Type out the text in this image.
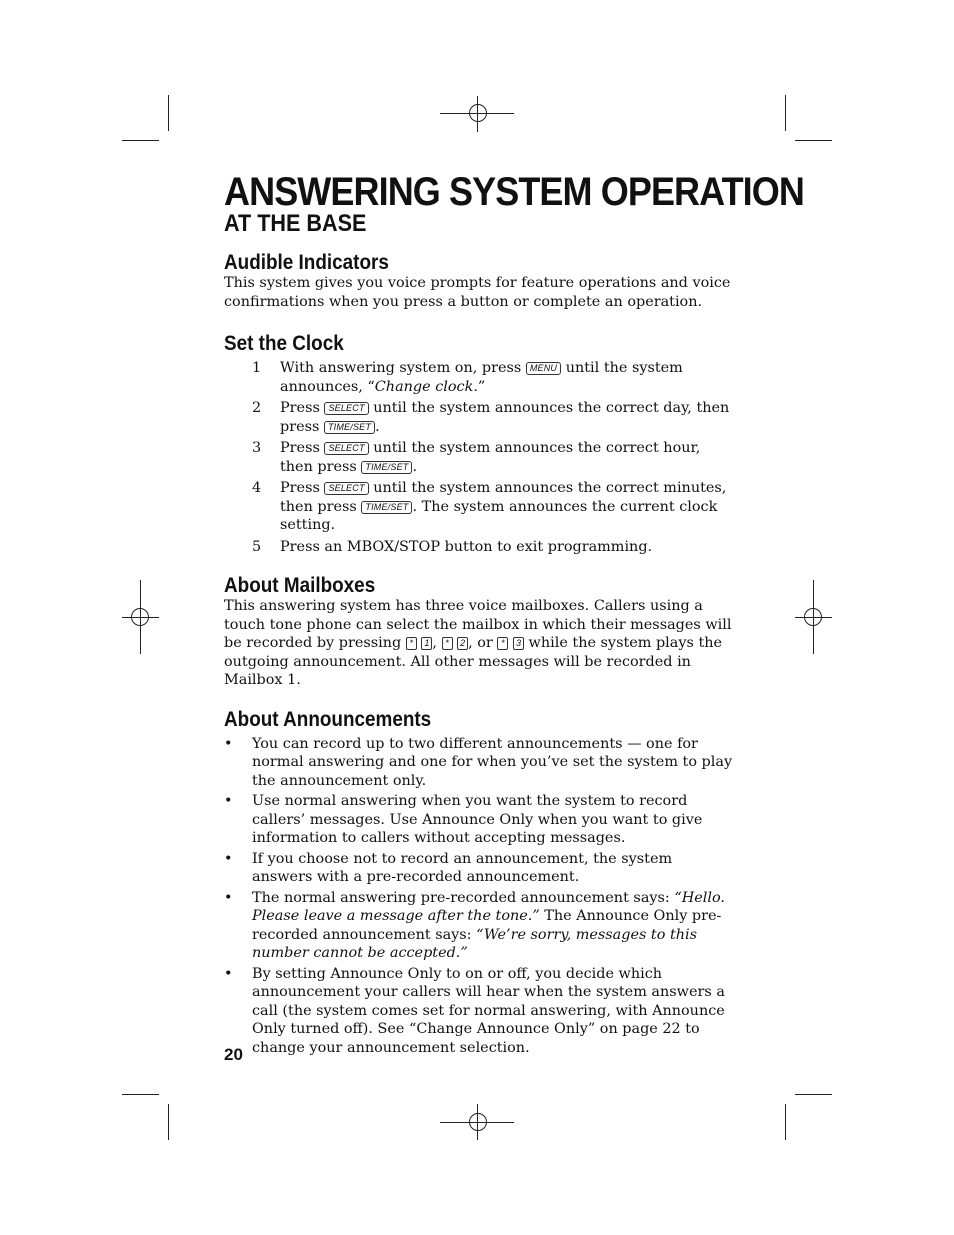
ANSWERING SYSTEM OPERATION
AT THE BASE
Audible Indicators

This system gives you voice prompts for feature operations and voice confirmations when you press a button or complete an operation.

Set the Clock
1 With answering system on, press MENU until the system announces, “Change clock.”
2 Press SELECT until the system announces the correct day, then press TIME/SET .
3 Press SELECT until the system announces the correct hour, then press TIME/SET .
4 Press SELECT until the system announces the correct minutes, then press TIME/SET . The system announces the current clock setting.
5 Press an MBOX/STOP button to exit programming.
About Mailboxes

This answering system has three voice mailboxes. Callers using a touch tone phone can select the mailbox in which their messages will be recorded by pressing * 1 , * 2 , or * 3 while the system plays the outgoing announcement. All other messages will be recorded in Mailbox 1.

About Announcements
• You can record up to two different announcements — one for normal answering and one for when you’ve set the system to play the announcement only.
• Use normal answering when you want the system to record callers’ messages. Use Announce Only when you want to give information to callers without accepting messages.
• If you choose not to record an announcement, the system answers with a pre-recorded announcement.
• The normal answering pre-recorded announcement says: “Hello. Please leave a message after the tone.” The Announce Only pre-recorded announcement says: “We’re sorry, messages to this number cannot be accepted.”
• By setting Announce Only to on or off, you decide which announcement your callers will hear when the system answers a call (the system comes set for normal answering, with Announce Only turned off). See “Change Announce Only” on page 22 to change your announcement selection.
20
